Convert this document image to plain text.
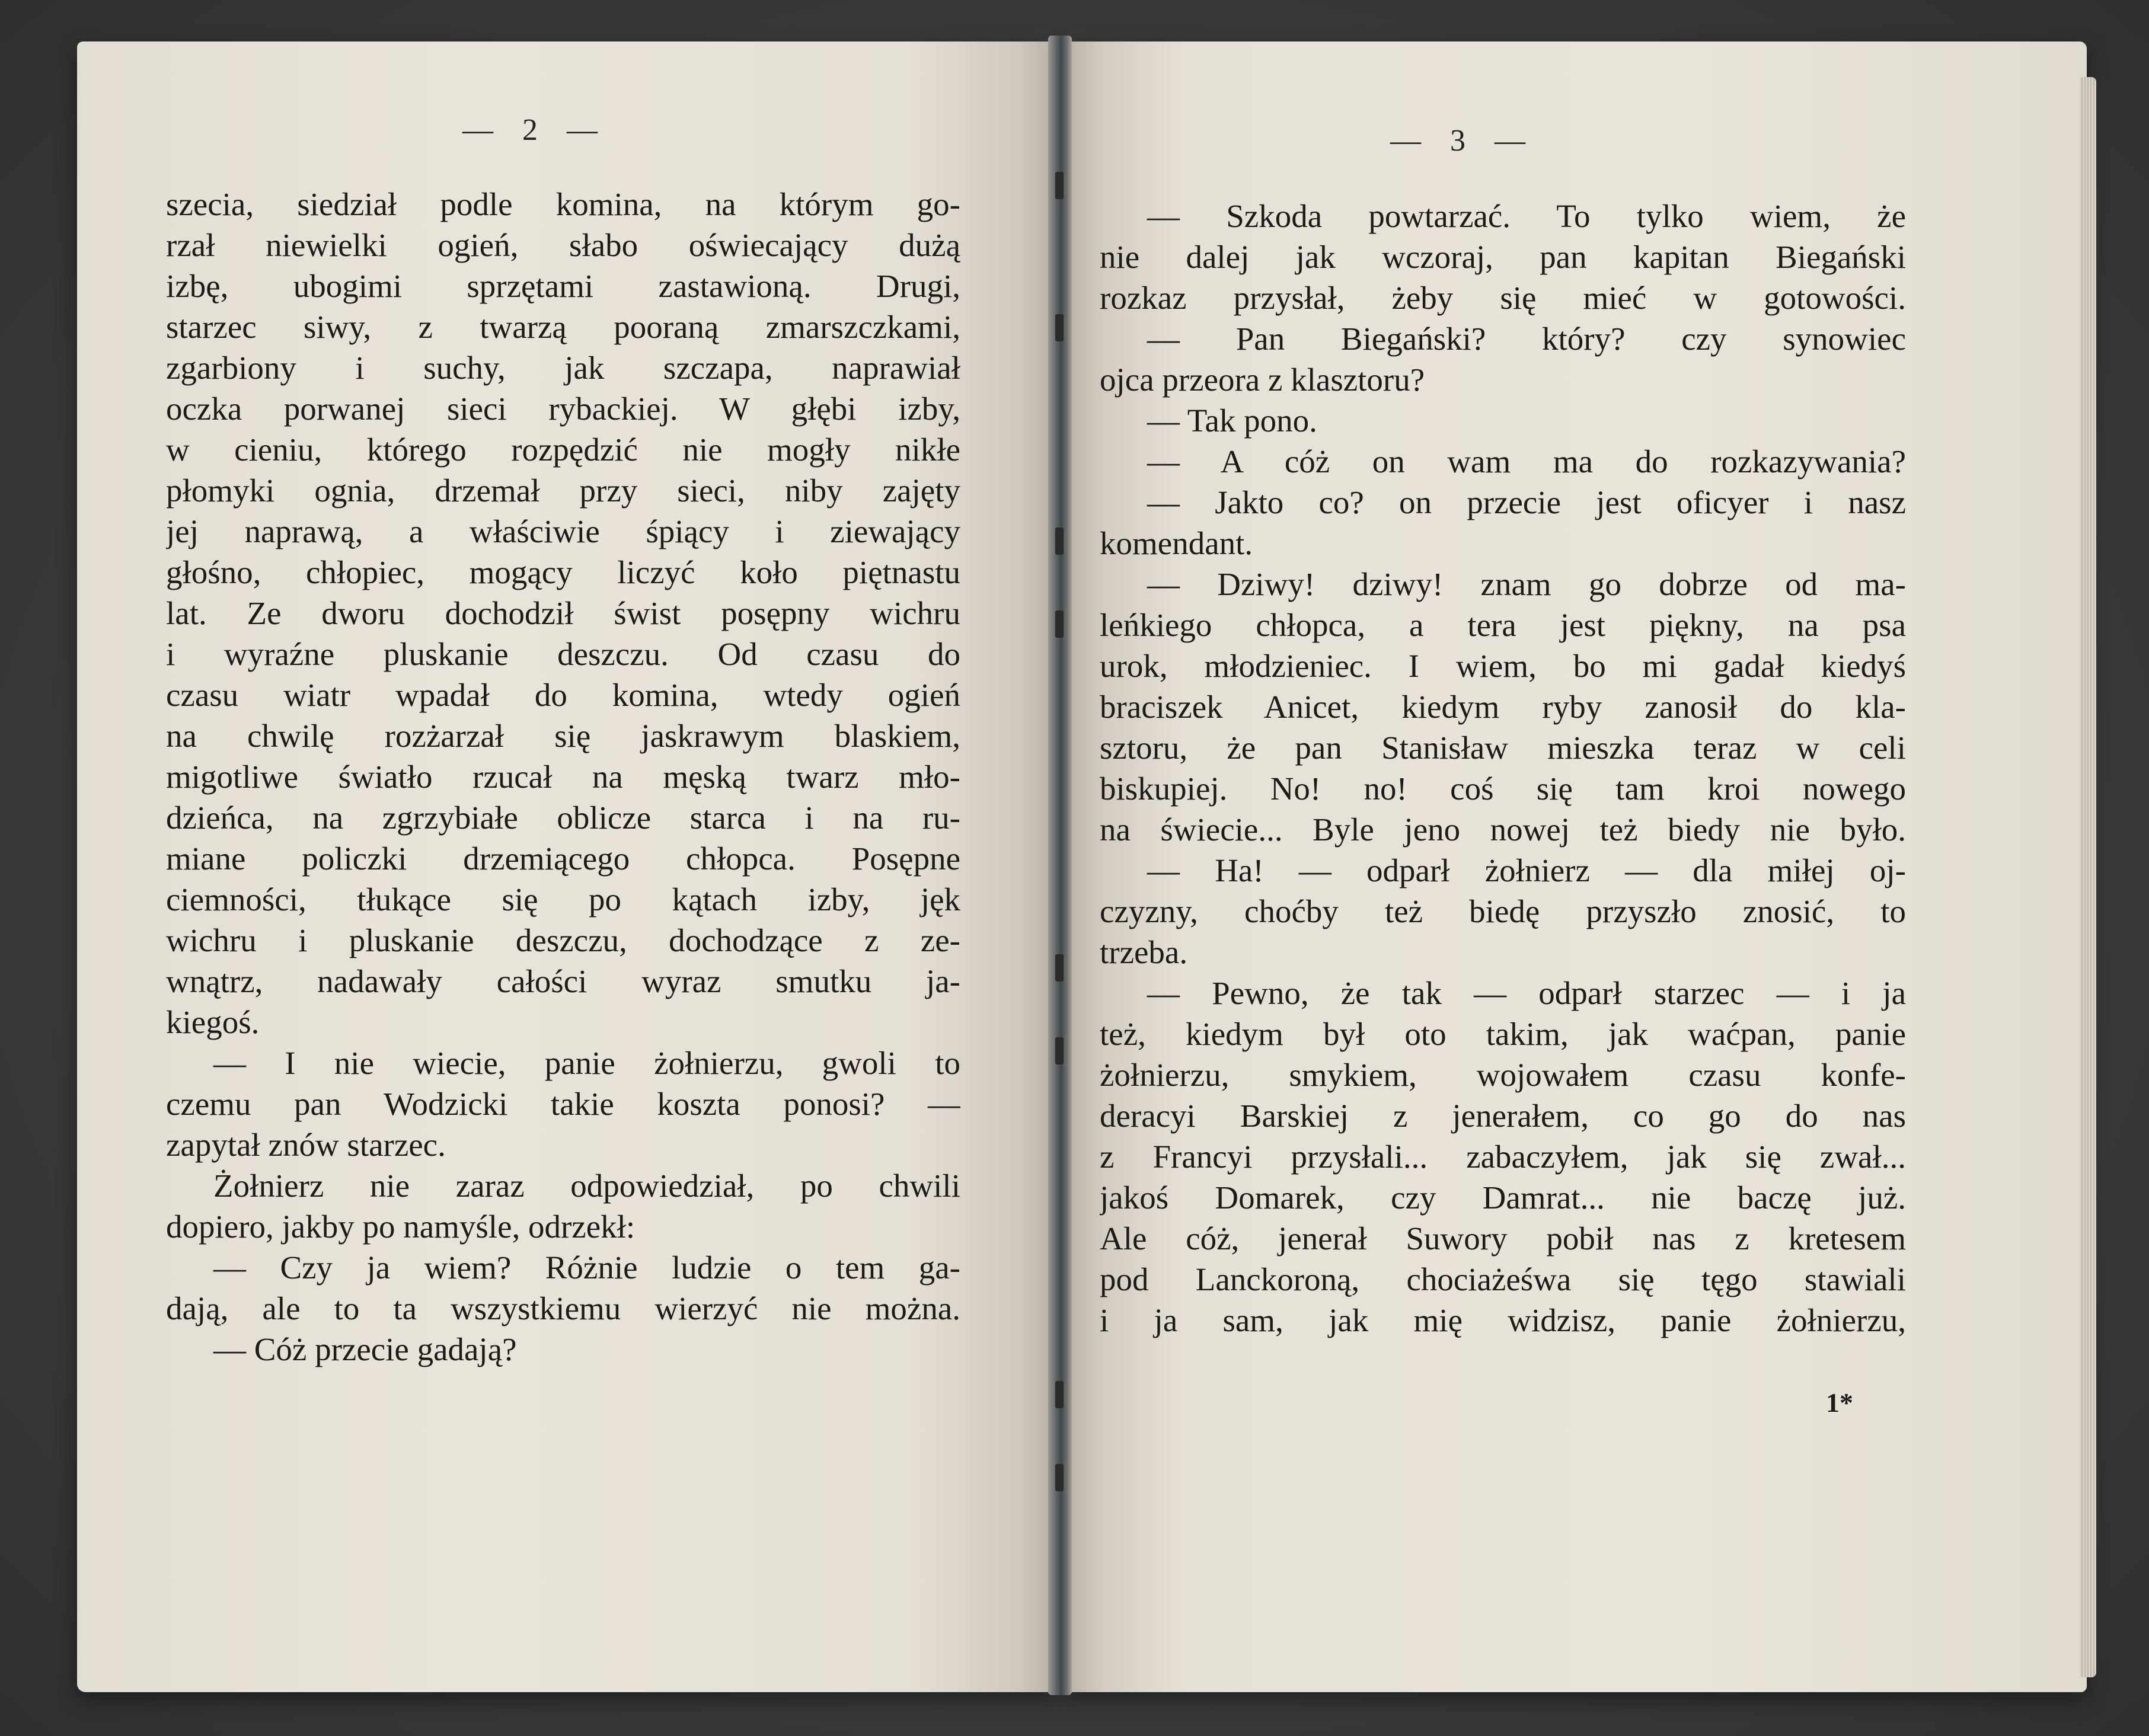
— 2 —	— 3 —
szecia, siedział podle komina, na którym go-
rzał niewielki ogień, słabo oświecający dużą
izbę, ubogimi sprzętami zastawioną. Drugi,
starzec siwy, z twarzą pooraną zmarszczkami,
zgarbiony i suchy, jak szczapa, naprawiał
oczka porwanej sieci rybackiej. W głębi izby,
w cieniu, którego rozpędzić nie mogły nikłe
płomyki ognia, drzemał przy sieci, niby zajęty
jej naprawą, a właściwie śpiący i ziewający
głośno, chłopiec, mogący liczyć koło piętnastu
lat. Ze dworu dochodził świst posępny wichru
i wyraźne pluskanie deszczu. Od czasu do
czasu wiatr wpadał do komina, wtedy ogień
na chwilę rozżarzał się jaskrawym blaskiem,
migotliwe światło rzucał na męską twarz mło-
dzieńca, na zgrzybiałe oblicze starca i na ru-
miane policzki drzemiącego chłopca. Posępne
ciemności, tłukące się po kątach izby, jęk
wichru i pluskanie deszczu, dochodzące z ze-
wnątrz, nadawały całości wyraz smutku ja-
kiegoś.
— I nie wiecie, panie żołnierzu, gwoli to
czemu pan Wodzicki takie koszta ponosi? —
zapytał znów starzec.
Żołnierz nie zaraz odpowiedział, po chwili
dopiero, jakby po namyśle, odrzekł:
— Czy ja wiem? Różnie ludzie o tem ga-
dają, ale to ta wszystkiemu wierzyć nie można.
— Cóż przecie gadają?
— Szkoda powtarzać. To tylko wiem, że
nie dalej jak wczoraj, pan kapitan Biegański
rozkaz przysłał, żeby się mieć w gotowości.
— Pan Biegański? który? czy synowiec
ojca przeora z klasztoru?
— Tak pono.
— A cóż on wam ma do rozkazywania?
— Jakto co? on przecie jest oficyer i nasz
komendant.
— Dziwy! dziwy! znam go dobrze od ma-
leńkiego chłopca, a tera jest piękny, na psa
urok, młodzieniec. I wiem, bo mi gadał kiedyś
braciszek Anicet, kiedym ryby zanosił do kla-
sztoru, że pan Stanisław mieszka teraz w celi
biskupiej. No! no! coś się tam kroi nowego
na świecie... Byle jeno nowej też biedy nie było.
— Ha! — odparł żołnierz — dla miłej oj-
czyzny, choćby też biedę przyszło znosić, to
trzeba.
— Pewno, że tak — odparł starzec — i ja
też, kiedym był oto takim, jak waćpan, panie
żołnierzu, smykiem, wojowałem czasu konfe-
deracyi Barskiej z jenerałem, co go do nas
z Francyi przysłali... zabaczyłem, jak się zwał...
jakoś Domarek, czy Damrat... nie baczę już.
Ale cóż, jenerał Suwory pobił nas z kretesem
pod Lanckoroną, chociażeśwa się tęgo stawiali
i ja sam, jak mię widzisz, panie żołnierzu,
1*
